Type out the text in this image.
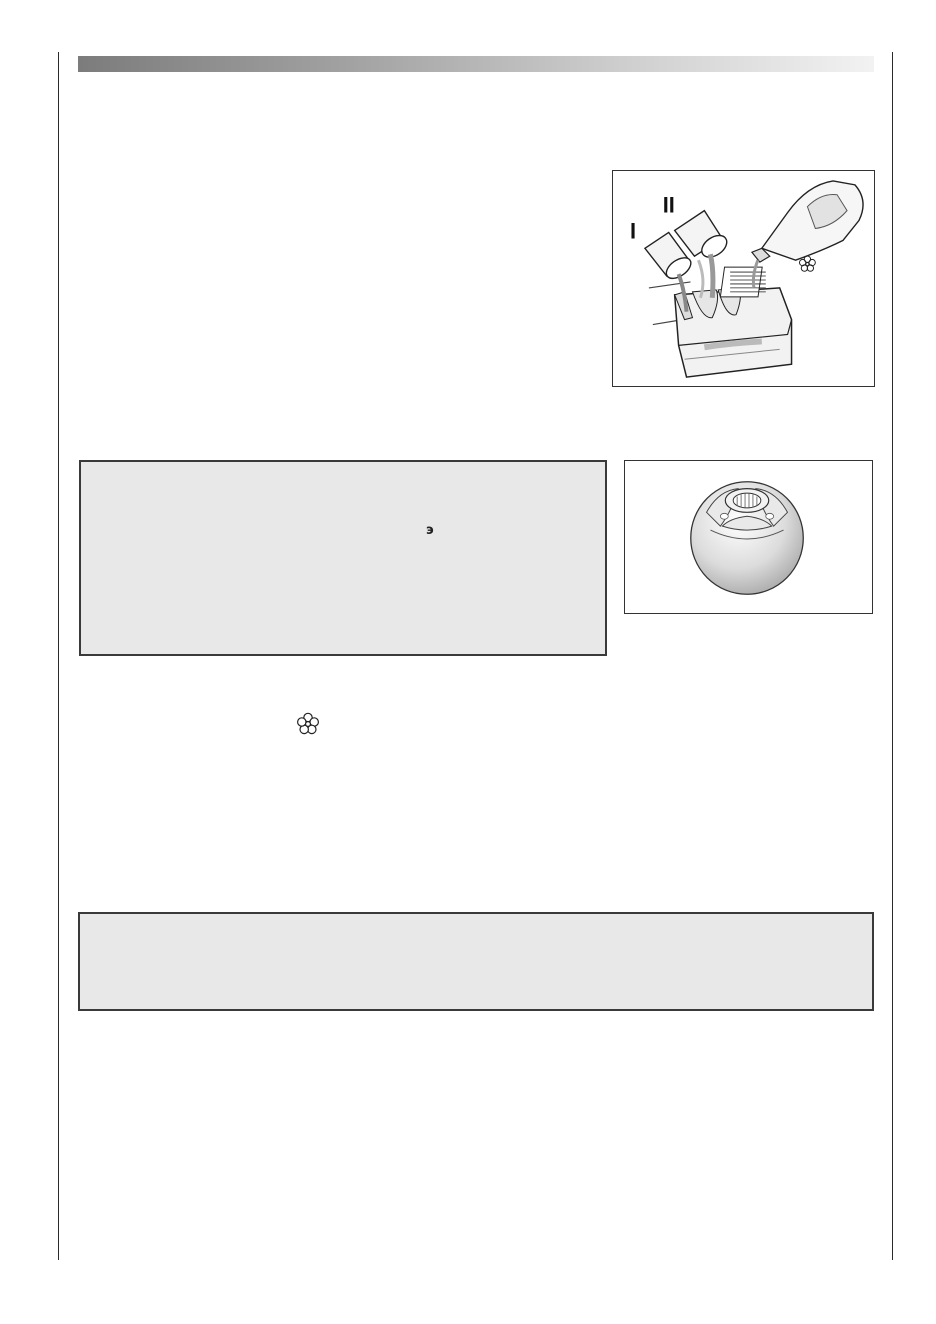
I
II
э
